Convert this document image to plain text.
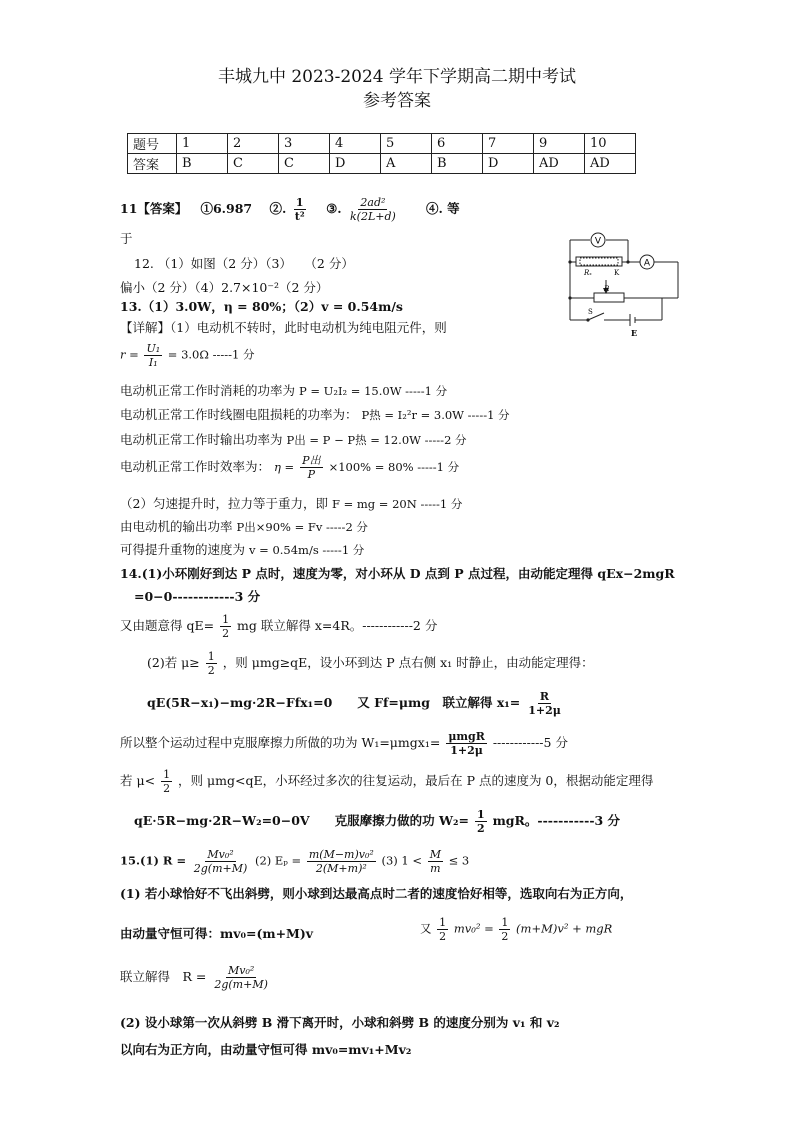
丰城九中 2023-2024 学年下学期高二期中考试
参考答案
题号	1	2	3	4	5	6	7	9	10
答案	B	C	C	D	A	B	D	AD	AD
11【答案】 ①6.987 ②. $\frac{1}{\text{t²}}$ ③. $\frac{\text{2ad²}}{k(2L+d)}$ ④. 等
于
12. （1）如图（2 分）（3）　　（2 分）
偏小（2 分）（4）2.7×10⁻²（2 分）
V
A
Rₓ	K
R
S
E
13.（1）3.0W，η = 80%；（2）v = 0.54m/s
【详解】（1）电动机不转时，此时电动机为纯电阻元件，则
$r = \frac{\text{U₁}}{\text{I₁}} = 3.0\Omega$ -----1 分
电动机正常工作时消耗的功率为 P = U₂I₂ = 15.0W -----1 分
电动机正常工作时线圈电阻损耗的功率为： P热 = I₂²r = 3.0W -----1 分
电动机正常工作时输出功率为 P出 = P − P热 = 12.0W -----2 分
电动机正常工作时效率为： $\eta = \frac{\text{P出}}{P} \times 100\% = 80\%$ -----1 分
（2）匀速提升时，拉力等于重力，即 F = mg = 20N -----1 分
由电动机的输出功率 P出×90% = Fv -----2 分
可得提升重物的速度为 v = 0.54m/s -----1 分
14.(1)小环刚好到达 P 点时，速度为零，对小环从 D 点到 P 点过程，由动能定理得 qEx−2mgR
=0−0------------3 分
又由题意得 $qE= \frac{1}{2}$ mg 联立解得 x=4R。------------2 分
(2)若 $\mu\ge \frac{1}{2}$ ，则 μmg≥qE，设小环到达 P 点右侧 x₁ 时静止，由动能定理得：
qE(5R−x₁)−mg·2R−Ffx₁=0　　又 Ff=μmg　联立解得 $x_1= \frac{R}{1+2\mu}$
所以整个运动过程中克服摩擦力所做的功为 $W_1=\mu mgx_1= \frac{\text{μmgR}}{1+2\mu} ------------5$ 分
若 $\mu< \frac{1}{2}$ ，则 μmg<qE，小环经过多次的往复运动，最后在 P 点的速度为 0，根据动能定理得
qE·5R−mg·2R−W₂=0−0V　　克服摩擦力做的功 $W_2= \frac{1}{2}$ mgR。-----------3 分
15.(1) $R = \frac{\text{Mv₀²}}{2g(m+M)} (2) E_p = \frac{\text{m(M−m)v₀²}}{\text{2(M+m)²}} (3) 1 < \frac{M}{m} \le 3$
(1) 若小球恰好不飞出斜劈，则小球到达最高点时二者的速度恰好相等，选取向右为正方向，
由动量守恒可得：mv₀=(m+M)v	又 $\frac{1}{2} mv_0^2 = \frac{1}{2} (m+M)v^2$ + mgR
联立解得　$R = \frac{\text{Mv₀²}}{2g(m+M)}$
(2) 设小球第一次从斜劈 B 滑下离开时，小球和斜劈 B 的速度分别为 v₁ 和 v₂
以向右为正方向，由动量守恒可得 mv₀=mv₁+Mv₂
